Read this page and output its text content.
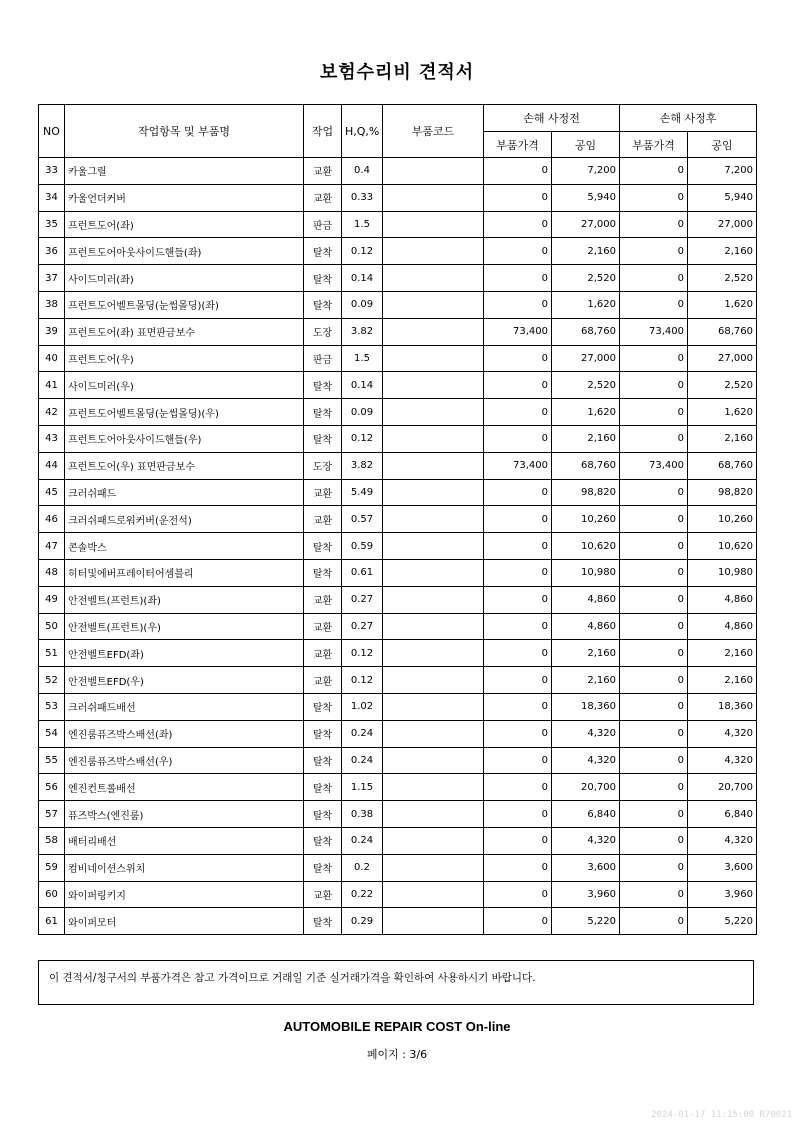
보험수리비 견적서
NO	작업항목 및 부품명	작업	H,Q,%	부품코드	손해 사정전		손해 사정후	
					부품가격	공임	부품가격	공임
33	카울그릴	교환	0.4		0	7,200	0	7,200
34	카울언더커버	교환	0.33		0	5,940	0	5,940
35	프런트도어(좌)	판금	1.5		0	27,000	0	27,000
36	프런트도어아웃사이드핸들(좌)	탈착	0.12		0	2,160	0	2,160
37	사이드미러(좌)	탈착	0.14		0	2,520	0	2,520
38	프런트도어벨트몰딩(눈썹몰딩)(좌)	탈착	0.09		0	1,620	0	1,620
39	프런트도어(좌) 표면판금보수	도장	3.82		73,400	68,760	73,400	68,760
40	프런트도어(우)	판금	1.5		0	27,000	0	27,000
41	사이드미러(우)	탈착	0.14		0	2,520	0	2,520
42	프런트도어벨트몰딩(눈썹몰딩)(우)	탈착	0.09		0	1,620	0	1,620
43	프런트도어아웃사이드핸들(우)	탈착	0.12		0	2,160	0	2,160
44	프런트도어(우) 표면판금보수	도장	3.82		73,400	68,760	73,400	68,760
45	크러쉬패드	교환	5.49		0	98,820	0	98,820
46	크러쉬패드로워커버(운전석)	교환	0.57		0	10,260	0	10,260
47	콘솔박스	탈착	0.59		0	10,620	0	10,620
48	히터및에버프레이터어셈블리	탈착	0.61		0	10,980	0	10,980
49	안전벨트(프런트)(좌)	교환	0.27		0	4,860	0	4,860
50	안전벨트(프런트)(우)	교환	0.27		0	4,860	0	4,860
51	안전벨트EFD(좌)	교환	0.12		0	2,160	0	2,160
52	안전벨트EFD(우)	교환	0.12		0	2,160	0	2,160
53	크러쉬패드배선	탈착	1.02		0	18,360	0	18,360
54	엔진룸퓨즈박스배선(좌)	탈착	0.24		0	4,320	0	4,320
55	엔진룸퓨즈박스배선(우)	탈착	0.24		0	4,320	0	4,320
56	엔진컨트롤배선	탈착	1.15		0	20,700	0	20,700
57	퓨즈박스(엔진룸)	탈착	0.38		0	6,840	0	6,840
58	배터리배선	탈착	0.24		0	4,320	0	4,320
59	컴비네이션스위치	탈착	0.2		0	3,600	0	3,600
60	와이퍼링키지	교환	0.22		0	3,960	0	3,960
61	와이퍼모터	탈착	0.29		0	5,220	0	5,220
이 견적서/청구서의 부품가격은 참고 가격이므로 거래일 기준 실거래가격을 확인하여 사용하시기 바랍니다.
AUTOMOBILE REPAIR COST On-line
페이지 : 3/6
2024-01-17 11:15:00 R70021
